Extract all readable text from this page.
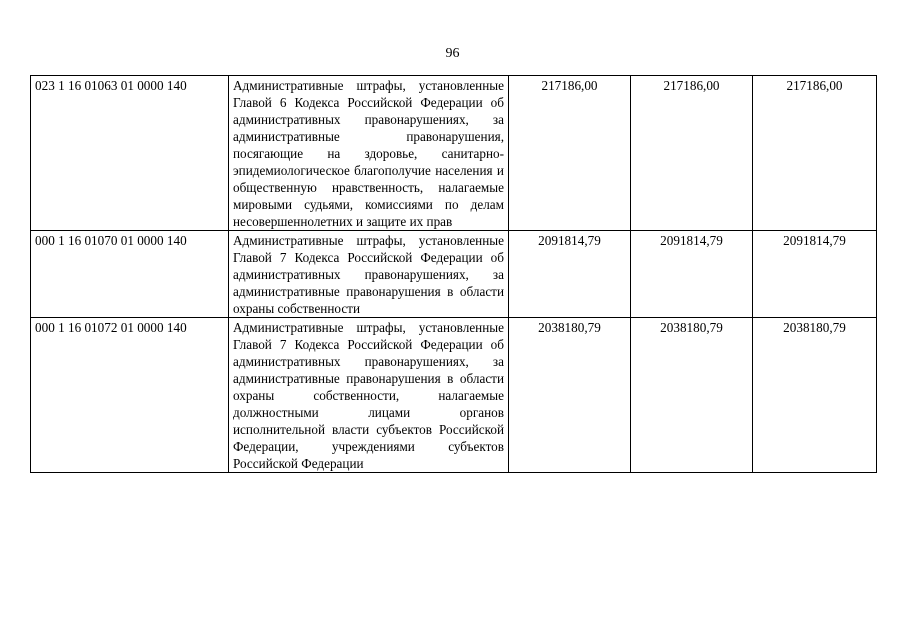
96
023 1 16 01063 01 0000 140	Административные штрафы, установленные Главой 6 Кодекса Российской Федерации об административных правонарушениях, за административные правонарушения, посягающие на здоровье, санитарно-эпидемиологическое благополучие населения и общественную нравственность, налагаемые мировыми судьями, комиссиями по делам несовершеннолетних и защите их прав	217186,00	217186,00	217186,00
000 1 16 01070 01 0000 140	Административные штрафы, установленные Главой 7 Кодекса Российской Федерации об административных правонарушениях, за административные правонарушения в области охраны собственности	2091814,79	2091814,79	2091814,79
000 1 16 01072 01 0000 140	Административные штрафы, установленные Главой 7 Кодекса Российской Федерации об административных правонарушениях, за административные правонарушения в области охраны собственности, налагаемые должностными лицами органов исполнительной власти субъектов Российской Федерации, учреждениями субъектов Российской Федерации	2038180,79	2038180,79	2038180,79
